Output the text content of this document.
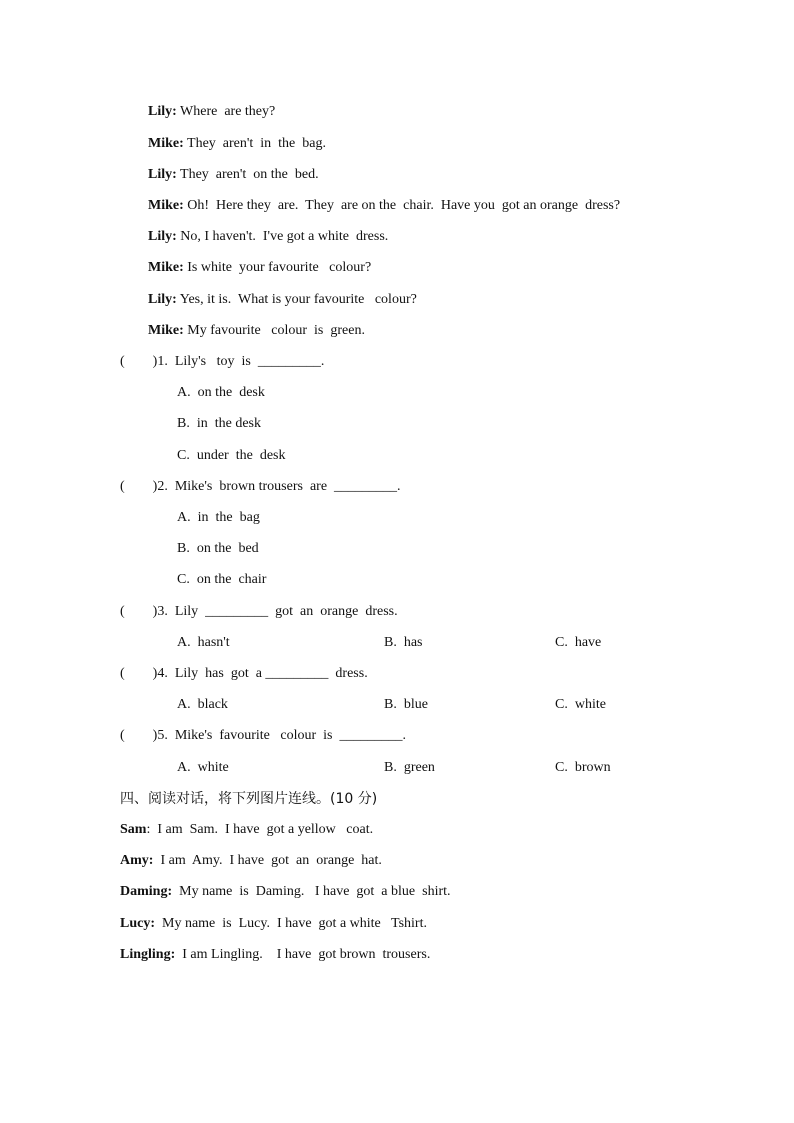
Lily: Where  are they?
Mike: They  aren't  in  the  bag.
Lily: They  aren't  on the  bed.
Mike: Oh!  Here they  are.  They  are on the  chair.  Have you  got an orange  dress?
Lily: No, I haven't.  I've got a white  dress.
Mike: Is white  your favourite   colour?
Lily: Yes, it is.  What is your favourite   colour?
Mike: My favourite   colour  is  green.
(        )1.  Lily's   toy  is  _________.
A.  on the  desk
B.  in  the desk
C.  under  the  desk
(        )2.  Mike's  brown trousers  are  _________.
A.  in  the  bag
B.  on the  bed
C.  on the  chair
(        )3.  Lily  _________  got  an  orange  dress.
A.  hasn't	B.  has	C.  have
(        )4.  Lily  has  got  a _________  dress.
A.  black	B.  blue	C.  white
(        )5.  Mike's  favourite   colour  is  _________.
A.  white	B.  green	C.  brown
四、阅读对话，将下列图片连线。(10 分)
Sam:  I am  Sam.  I have  got a yellow   coat.
Amy:  I am  Amy.  I have  got  an  orange  hat.
Daming:  My name  is  Daming.   I have  got  a blue  shirt.
Lucy:  My name  is  Lucy.  I have  got a white   Tshirt.
Lingling:  I am Lingling.    I have  got brown  trousers.
